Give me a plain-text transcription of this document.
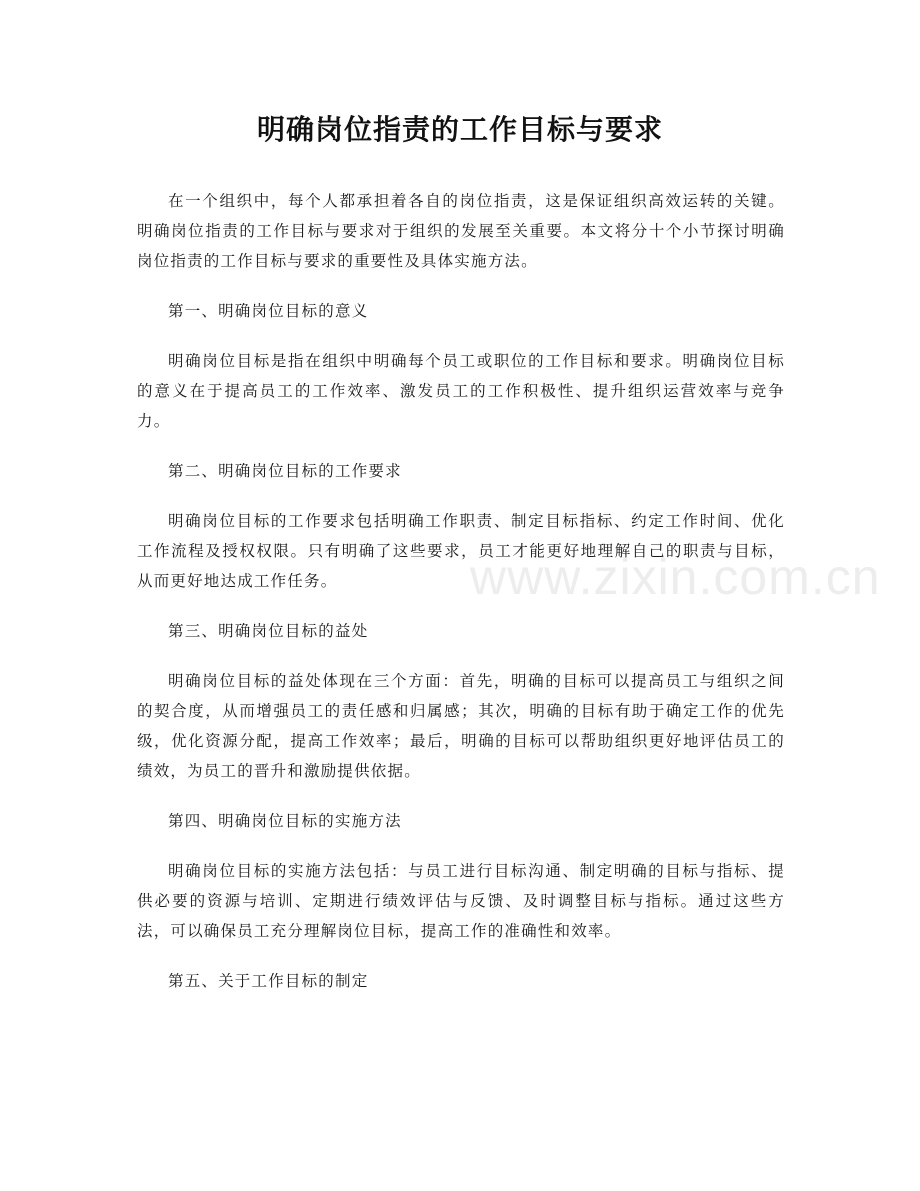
明确岗位指责的工作目标与要求

在一个组织中，每个人都承担着各自的岗位指责，这是保证组织高效运转的关键。明确岗位指责的工作目标与要求对于组织的发展至关重要。本文将分十个小节探讨明确岗位指责的工作目标与要求的重要性及具体实施方法。

第一、明确岗位目标的意义

明确岗位目标是指在组织中明确每个员工或职位的工作目标和要求。明确岗位目标的意义在于提高员工的工作效率、激发员工的工作积极性、提升组织运营效率与竞争力。

第二、明确岗位目标的工作要求

明确岗位目标的工作要求包括明确工作职责、制定目标指标、约定工作时间、优化工作流程及授权权限。只有明确了这些要求，员工才能更好地理解自己的职责与目标，从而更好地达成工作任务。

第三、明确岗位目标的益处

明确岗位目标的益处体现在三个方面：首先，明确的目标可以提高员工与组织之间的契合度，从而增强员工的责任感和归属感；其次，明确的目标有助于确定工作的优先级，优化资源分配，提高工作效率；最后，明确的目标可以帮助组织更好地评估员工的绩效，为员工的晋升和激励提供依据。

第四、明确岗位目标的实施方法

明确岗位目标的实施方法包括：与员工进行目标沟通、制定明确的目标与指标、提供必要的资源与培训、定期进行绩效评估与反馈、及时调整目标与指标。通过这些方法，可以确保员工充分理解岗位目标，提高工作的准确性和效率。

第五、关于工作目标的制定

www.zixin.com.cn
